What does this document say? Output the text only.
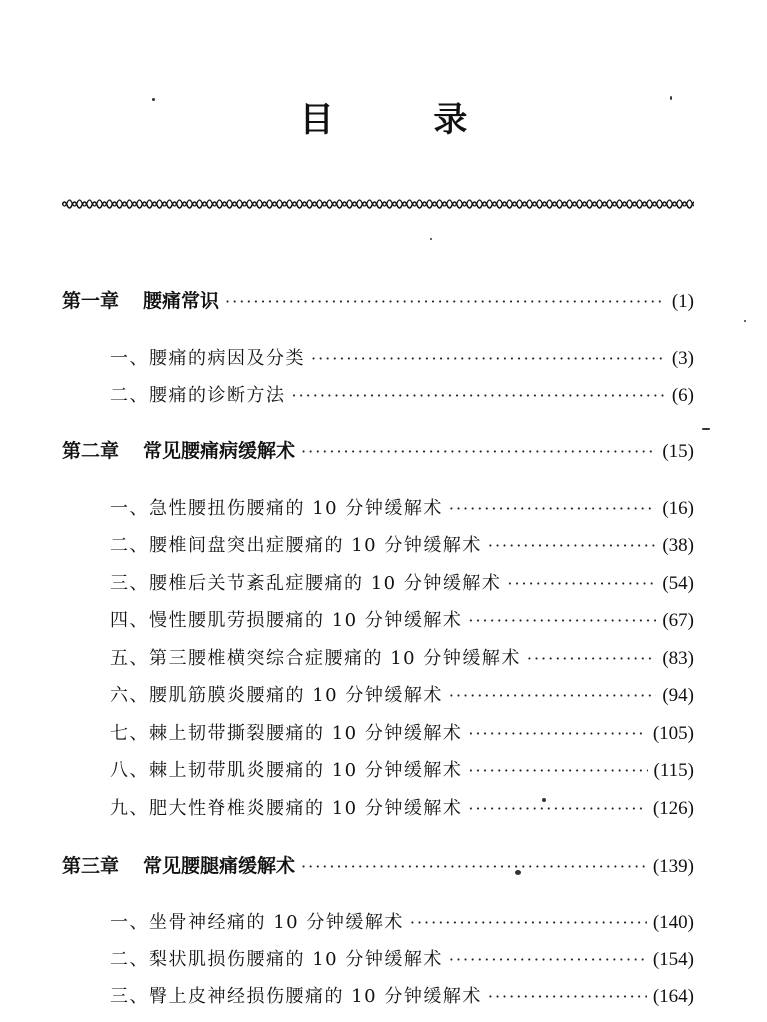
目 录
第一章 腰痛常识 ·····	(1)
一、腰痛的病因及分类 ·····	(3)
二、腰痛的诊断方法 ·····	(6)
第二章 常见腰痛病缓解术 ·····	(15)
一、急性腰扭伤腰痛的 10 分钟缓解术 ·····	(16)
二、腰椎间盘突出症腰痛的 10 分钟缓解术 ·····	(38)
三、腰椎后关节紊乱症腰痛的 10 分钟缓解术 ·····	(54)
四、慢性腰肌劳损腰痛的 10 分钟缓解术 ·····	(67)
五、第三腰椎横突综合症腰痛的 10 分钟缓解术 ·····	(83)
六、腰肌筋膜炎腰痛的 10 分钟缓解术 ·····	(94)
七、棘上韧带撕裂腰痛的 10 分钟缓解术 ·····	(105)
八、棘上韧带肌炎腰痛的 10 分钟缓解术 ·····	(115)
九、肥大性脊椎炎腰痛的 10 分钟缓解术 ·····	(126)
第三章 常见腰腿痛缓解术 ·····	(139)
一、坐骨神经痛的 10 分钟缓解术 ·····	(140)
二、梨状肌损伤腰痛的 10 分钟缓解术 ·····	(154)
三、臀上皮神经损伤腰痛的 10 分钟缓解术 ·····	(164)
